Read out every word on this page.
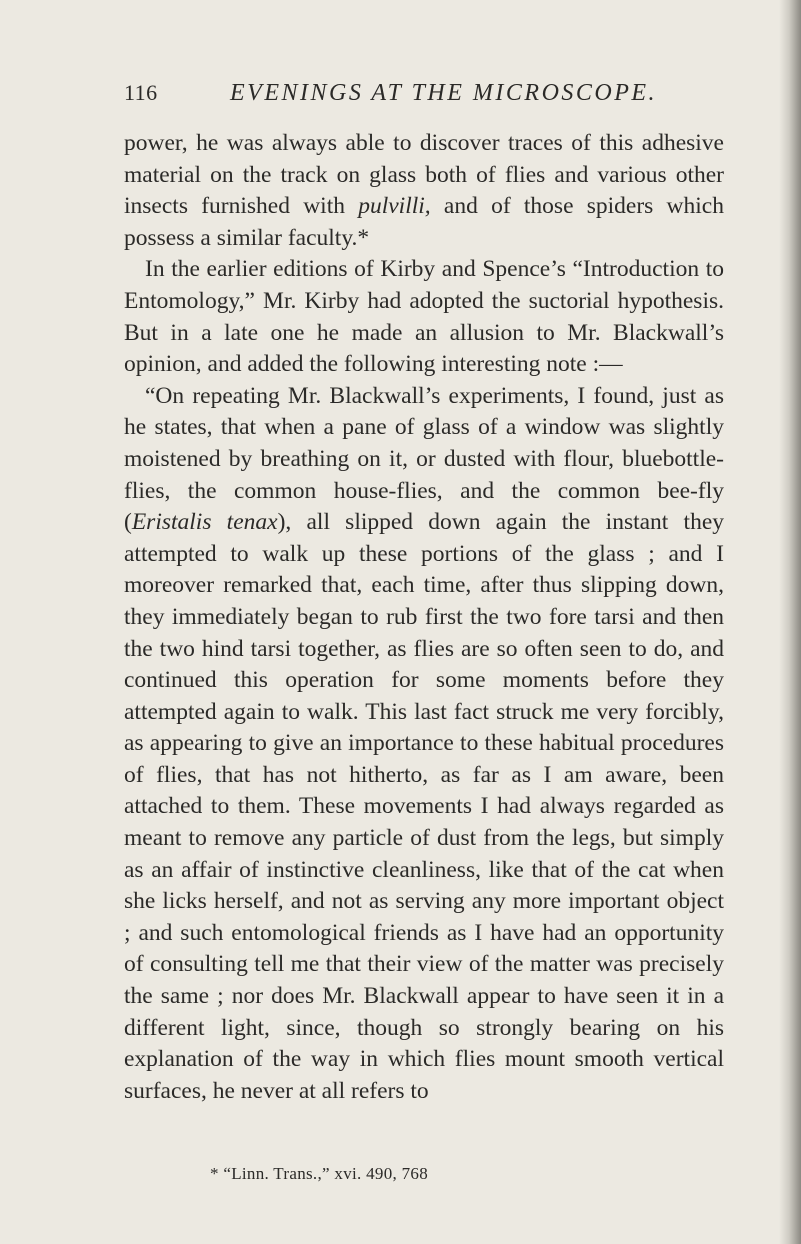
116	EVENINGS AT THE MICROSCOPE.

power, he was always able to discover traces of this adhesive material on the track on glass both of flies and various other insects furnished with pulvilli, and of those spiders which possess a similar faculty.*

In the earlier editions of Kirby and Spence’s “Introduction to Entomology,” Mr. Kirby had adopted the suctorial hypothesis. But in a late one he made an allusion to Mr. Blackwall’s opinion, and added the following interesting note :—

“On repeating Mr. Blackwall’s experiments, I found, just as he states, that when a pane of glass of a window was slightly moistened by breathing on it, or dusted with flour, bluebottle-flies, the common house-flies, and the common bee-fly (Eristalis tenax), all slipped down again the instant they attempted to walk up these portions of the glass ; and I moreover remarked that, each time, after thus slipping down, they immediately began to rub first the two fore tarsi and then the two hind tarsi together, as flies are so often seen to do, and continued this operation for some moments before they attempted again to walk. This last fact struck me very forcibly, as appearing to give an importance to these habitual procedures of flies, that has not hitherto, as far as I am aware, been attached to them. These movements I had always regarded as meant to remove any particle of dust from the legs, but simply as an affair of instinctive cleanliness, like that of the cat when she licks herself, and not as serving any more important object ; and such entomological friends as I have had an opportunity of consulting tell me that their view of the matter was precisely the same ; nor does Mr. Blackwall appear to have seen it in a different light, since, though so strongly bearing on his explanation of the way in which flies mount smooth vertical surfaces, he never at all refers to

* “Linn. Trans.,” xvi. 490, 768
